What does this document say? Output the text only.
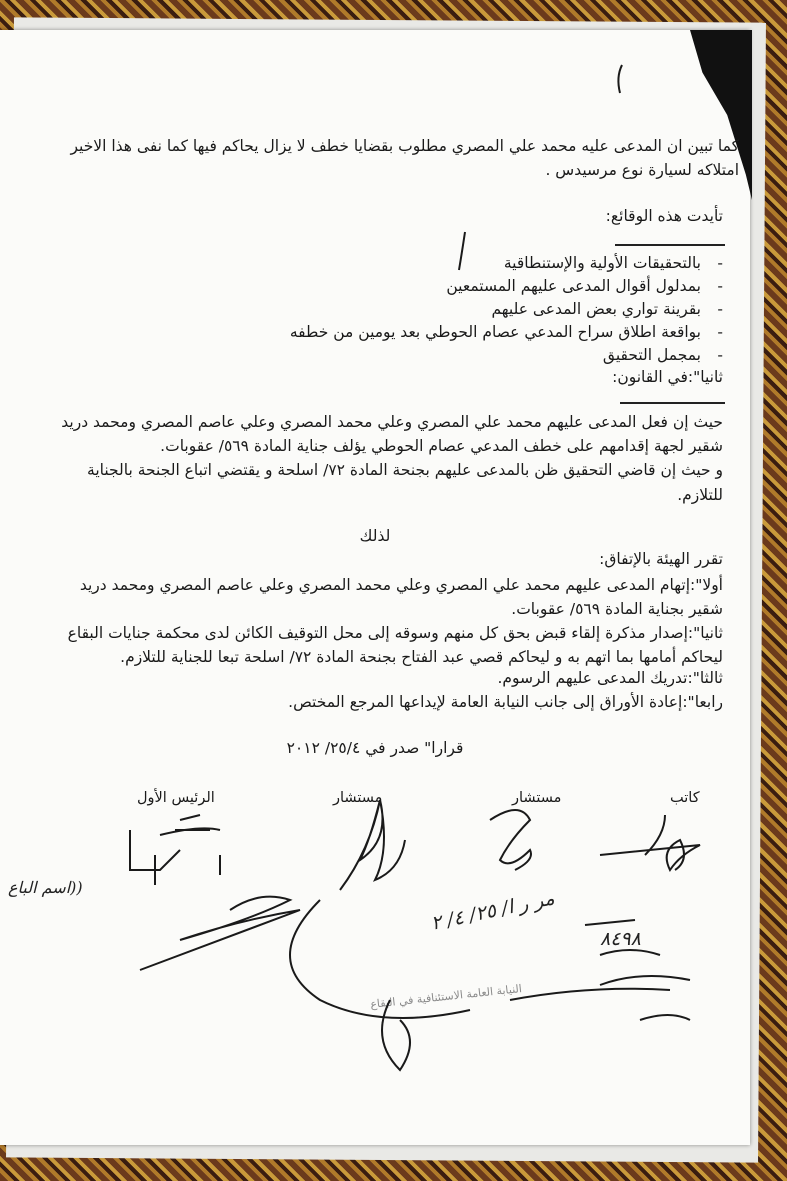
كما تبين ان المدعى عليه محمد علي المصري مطلوب بقضايا خطف لا يزال يحاكم فيها كما نفى هذا الاخير
امتلاكه لسيارة نوع مرسيدس .
تأيدت هذه الوقائع:
- بالتحقيقات الأولية والإستنطاقية
- بمدلول أقوال المدعى عليهم المستمعين
- بقرينة تواري بعض المدعى عليهم
- بواقعة اطلاق سراح المدعي عصام الحوطي بعد يومين من خطفه
- بمجمل التحقيق
ثانيا":في القانون:
حيث إن فعل المدعى عليهم محمد علي المصري وعلي محمد المصري وعلي عاصم المصري ومحمد دريد شقير لجهة إقدامهم على خطف المدعي عصام الحوطي يؤلف جناية المادة ٥٦٩/ عقوبات.
و حيث إن قاضي التحقيق ظن بالمدعى عليهم بجنحة المادة ٧٢/ اسلحة و يقتضي اتباع الجنحة بالجناية للتلازم.
لذلك
تقرر الهيئة بالإتفاق:
أولا":إتهام المدعى عليهم محمد علي المصري وعلي محمد المصري وعلي عاصم المصري ومحمد دريد شقير بجناية المادة ٥٦٩/ عقوبات.
ثانيا":إصدار مذكرة إلقاء قبض بحق كل منهم وسوقه إلى محل التوقيف الكائن لدى محكمة جنايات البقاع ليحاكم أمامها بما اتهم به و ليحاكم قصي عبد الفتاح بجنحة المادة ٧٢/ اسلحة تبعا للجناية للتلازم.
ثالثا":تدريك المدعى عليهم الرسوم.
رابعا":إعادة الأوراق إلى جانب النيابة العامة لإيداعها المرجع المختص.
قرارا" صدر في ٢٥/٤/ ٢٠١٢
الرئيس الأول	مستشار	مستشار	كاتب
((اسم الباع
مر ر ا/ ٢٥/ ٤/ ٢
٨٤٩٨
النيابة العامة الاستئنافية في البقاع
